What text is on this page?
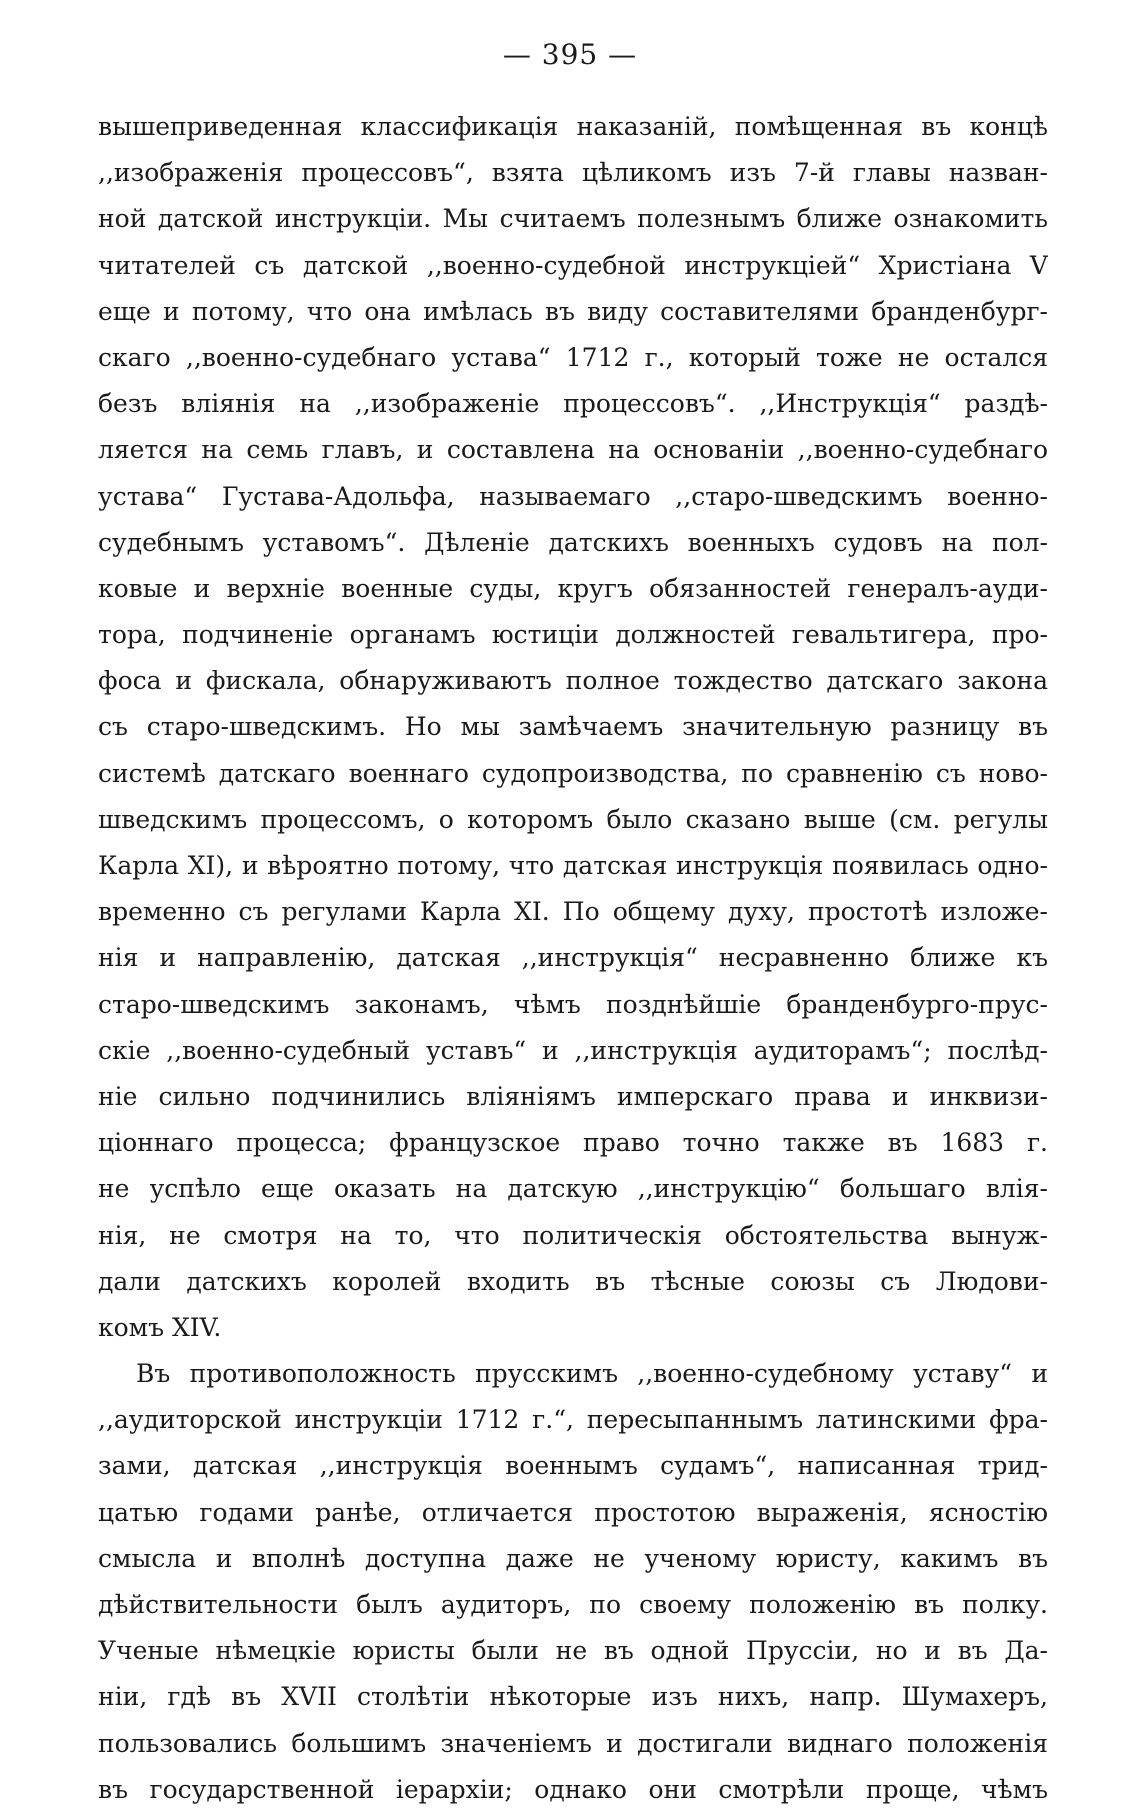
— 395 —
вышеприведенная классификація наказаній, помѣщенная въ концѣ
,,изображенія процессовъ“, взята цѣликомъ изъ 7-й главы назван-
ной датской инструкціи. Мы считаемъ полезнымъ ближе ознакомить
читателей съ датской ,,военно-судебной инструкціей“ Христіана V
еще и потому, что она имѣлась въ виду составителями бранденбург-
скаго ,,военно-судебнаго устава“ 1712 г., который тоже не остался
безъ вліянія на ,,изображеніе процессовъ“. ,,Инструкція“ раздѣ-
ляется на семь главъ, и составлена на основаніи ,,военно-судебнаго
устава“ Густава-Адольфа, называемаго ,,старо-шведскимъ военно-
судебнымъ уставомъ“. Дѣленіе датскихъ военныхъ судовъ на пол-
ковые и верхніе военные суды, кругъ обязанностей генералъ-ауди-
тора, подчиненіе органамъ юстиціи должностей гевальтигера, про-
фоса и фискала, обнаруживаютъ полное тождество датскаго закона
съ старо-шведскимъ. Но мы замѣчаемъ значительную разницу въ
системѣ датскаго военнаго судопроизводства, по сравненію съ ново-
шведскимъ процессомъ, о которомъ было сказано выше (см. регулы
Карла XI), и вѣроятно потому, что датская инструкція появилась одно-
временно съ регулами Карла XI. По общему духу, простотѣ изложе-
нія и направленію, датская ,,инструкція“ несравненно ближе къ
старо-шведскимъ законамъ, чѣмъ позднѣйшіе бранденбурго-прус-
скіе ,,военно-судебный уставъ“ и ,,инструкція аудиторамъ“; послѣд-
ніе сильно подчинились вліяніямъ имперскаго права и инквизи-
ціоннаго процесса; французское право точно также въ 1683 г.
не успѣло еще оказать на датскую ,,инструкцію“ большаго влія-
нія, не смотря на то, что политическія обстоятельства вынуж-
дали датскихъ королей входить въ тѣсные союзы съ Людови-
комъ XIV.
Въ противоположность прусскимъ ,,военно-судебному уставу“ и
,,аудиторской инструкціи 1712 г.“, пересыпаннымъ латинскими фра-
зами, датская ,,инструкція военнымъ судамъ“, написанная трид-
цатью годами ранѣе, отличается простотою выраженія, ясностію
смысла и вполнѣ доступна даже не ученому юристу, какимъ въ
дѣйствительности былъ аудиторъ, по своему положенію въ полку.
Ученые нѣмецкіе юристы были не въ одной Пруссіи, но и въ Да-
ніи, гдѣ въ XVII столѣтіи нѣкоторые изъ нихъ, напр. Шумахеръ,
пользовались большимъ значеніемъ и достигали виднаго положенія
въ государственной іерархіи; однако они смотрѣли проще, чѣмъ
